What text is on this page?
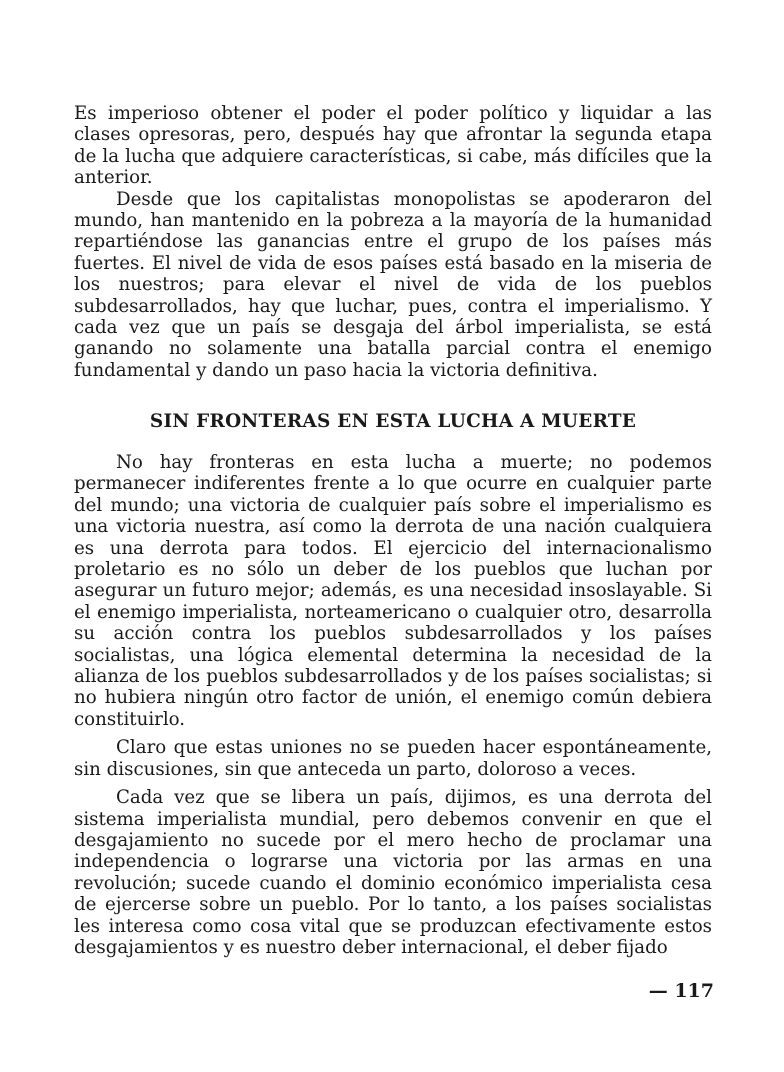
Es imperioso obtener el poder el poder político y liquidar a las clases opresoras, pero, después hay que afrontar la segunda etapa de la lucha que adquiere características, si cabe, más difíciles que la anterior.

Desde que los capitalistas monopolistas se apoderaron del mundo, han mantenido en la pobreza a la mayoría de la humanidad repartiéndose las ganancias entre el grupo de los países más fuertes. El nivel de vida de esos países está basado en la miseria de los nuestros; para elevar el nivel de vida de los pueblos subdesarrollados, hay que luchar, pues, contra el imperialismo. Y cada vez que un país se desgaja del árbol imperialista, se está ganando no solamente una batalla parcial contra el enemigo fundamental y dando un paso hacia la victoria definitiva.

SIN FRONTERAS EN ESTA LUCHA A MUERTE

No hay fronteras en esta lucha a muerte; no podemos permanecer indiferentes frente a lo que ocurre en cualquier parte del mundo; una victoria de cualquier país sobre el imperialismo es una victoria nuestra, así como la derrota de una nación cualquiera es una derrota para todos. El ejercicio del internacionalismo proletario es no sólo un deber de los pueblos que luchan por asegurar un futuro mejor; además, es una necesidad insoslayable. Si el enemigo imperialista, norteamericano o cualquier otro, desarrolla su acción contra los pueblos subdesarrollados y los países socialistas, una lógica elemental determina la necesidad de la alianza de los pueblos subdesarrollados y de los países socialistas; si no hubiera ningún otro factor de unión, el enemigo común debiera constituirlo.

Claro que estas uniones no se pueden hacer espontáneamente, sin discusiones, sin que anteceda un parto, doloroso a veces.

Cada vez que se libera un país, dijimos, es una derrota del sistema imperialista mundial, pero debemos convenir en que el desgajamiento no sucede por el mero hecho de proclamar una independencia o lograrse una victoria por las armas en una revolución; sucede cuando el dominio económico imperialista cesa de ejercerse sobre un pueblo. Por lo tanto, a los países socialistas les interesa como cosa vital que se produzcan efectivamente estos desgajamientos y es nuestro deber internacional, el deber fijado

— 117
